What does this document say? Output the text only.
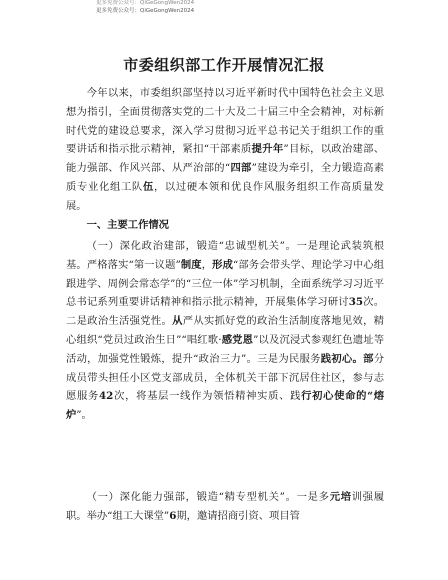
更多免费公众号：QiGeGongWen2024
更多免费公众号：QiGeGongWen2024
市委组织部工作开展情况汇报
今年以来，市委组织部坚持以习近平新时代中国特色社会主义思想为指引，全面贯彻落实党的二十大及二十届三中全会精神，对标新时代党的建设总要求，深入学习贯彻习近平总书记关于组织工作的重要讲话和指示批示精神，紧扣“干部素质提升年”目标，以政治建部、能力强部、作风兴部、从严治部的“四部”建设为牵引，全力锻造高素质专业化组工队伍，以过硬本领和优良作风服务组织工作高质量发展。
一、主要工作情况
（一）深化政治建部，锻造“忠诚型机关”。一是理论武装筑根基。严格落实“第一议题”制度，形成“部务会带头学、理论学习中心组跟进学、周例会常态学”的“三位一体”学习机制，全面系统学习习近平总书记系列重要讲话精神和指示批示精神，开展集体学习研讨35次。二是政治生活强党性。从严从实抓好党的政治生活制度落地见效，精心组织“党员过政治生日”“唱红歌·感党恩”以及沉浸式参观红色遗址等活动，加强党性锻炼，提升“政治三力”。三是为民服务践初心。部分成员带头担任小区党支部成员，全体机关干部下沉居住社区，参与志愿服务42次，将基层一线作为领悟精神实质、践行初心使命的“熔炉”。
（一）深化能力强部，锻造“精专型机关”。一是多元培训强履职。举办“组工大课堂”6期，邀请招商引资、项目管
